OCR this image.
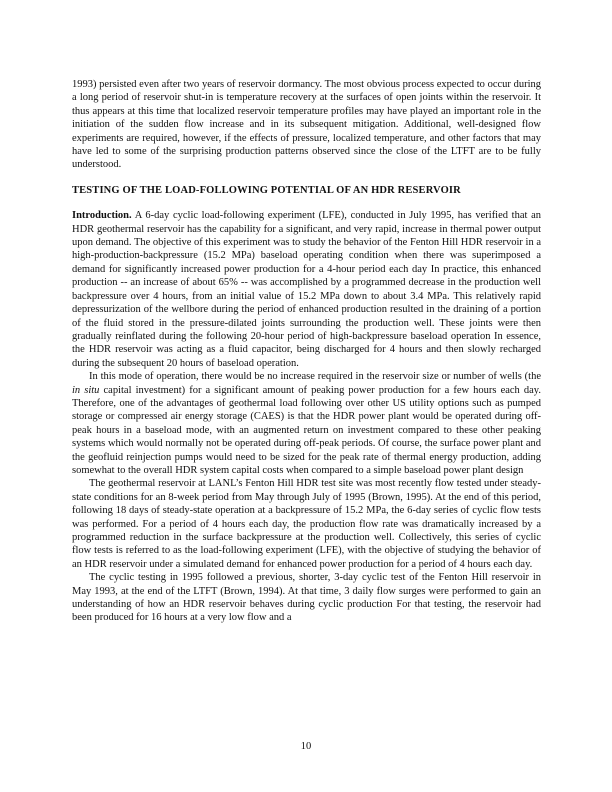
1993) persisted even after two years of reservoir dormancy. The most obvious process expected to occur during a long period of reservoir shut-in is temperature recovery at the surfaces of open joints within the reservoir. It thus appears at this time that localized reservoir temperature profiles may have played an important role in the initiation of the sudden flow increase and in its subsequent mitigation. Additional, well-designed flow experiments are required, however, if the effects of pressure, localized temperature, and other factors that may have led to some of the surprising production patterns observed since the close of the LTFT are to be fully understood.

TESTING OF THE LOAD-FOLLOWING POTENTIAL OF AN HDR RESERVOIR

Introduction. A 6-day cyclic load-following experiment (LFE), conducted in July 1995, has verified that an HDR geothermal reservoir has the capability for a significant, and very rapid, increase in thermal power output upon demand. The objective of this experiment was to study the behavior of the Fenton Hill HDR reservoir in a high-production-backpressure (15.2 MPa) baseload operating condition when there was superimposed a demand for significantly increased power production for a 4-hour period each day In practice, this enhanced production -- an increase of about 65% -- was accomplished by a programmed decrease in the production well backpressure over 4 hours, from an initial value of 15.2 MPa down to about 3.4 MPa. This relatively rapid depressurization of the wellbore during the period of enhanced production resulted in the draining of a portion of the fluid stored in the pressure-dilated joints surrounding the production well. These joints were then gradually reinflated during the following 20-hour period of high-backpressure baseload operation In essence, the HDR reservoir was acting as a fluid capacitor, being discharged for 4 hours and then slowly recharged during the subsequent 20 hours of baseload operation.

In this mode of operation, there would be no increase required in the reservoir size or number of wells (the in situ capital investment) for a significant amount of peaking power production for a few hours each day. Therefore, one of the advantages of geothermal load following over other US utility options such as pumped storage or compressed air energy storage (CAES) is that the HDR power plant would be operated during off-peak hours in a baseload mode, with an augmented return on investment compared to these other peaking systems which would normally not be operated during off-peak periods. Of course, the surface power plant and the geofluid reinjection pumps would need to be sized for the peak rate of thermal energy production, adding somewhat to the overall HDR system capital costs when compared to a simple baseload power plant design

The geothermal reservoir at LANL’s Fenton Hill HDR test site was most recently flow tested under steady-state conditions for an 8-week period from May through July of 1995 (Brown, 1995). At the end of this period, following 18 days of steady-state operation at a backpressure of 15.2 MPa, the 6-day series of cyclic flow tests was performed. For a period of 4 hours each day, the production flow rate was dramatically increased by a programmed reduction in the surface backpressure at the production well. Collectively, this series of cyclic flow tests is referred to as the load-following experiment (LFE), with the objective of studying the behavior of an HDR reservoir under a simulated demand for enhanced power production for a period of 4 hours each day.

The cyclic testing in 1995 followed a previous, shorter, 3-day cyclic test of the Fenton Hill reservoir in May 1993, at the end of the LTFT (Brown, 1994). At that time, 3 daily flow surges were performed to gain an understanding of how an HDR reservoir behaves during cyclic production For that testing, the reservoir had been produced for 16 hours at a very low flow and a

10
